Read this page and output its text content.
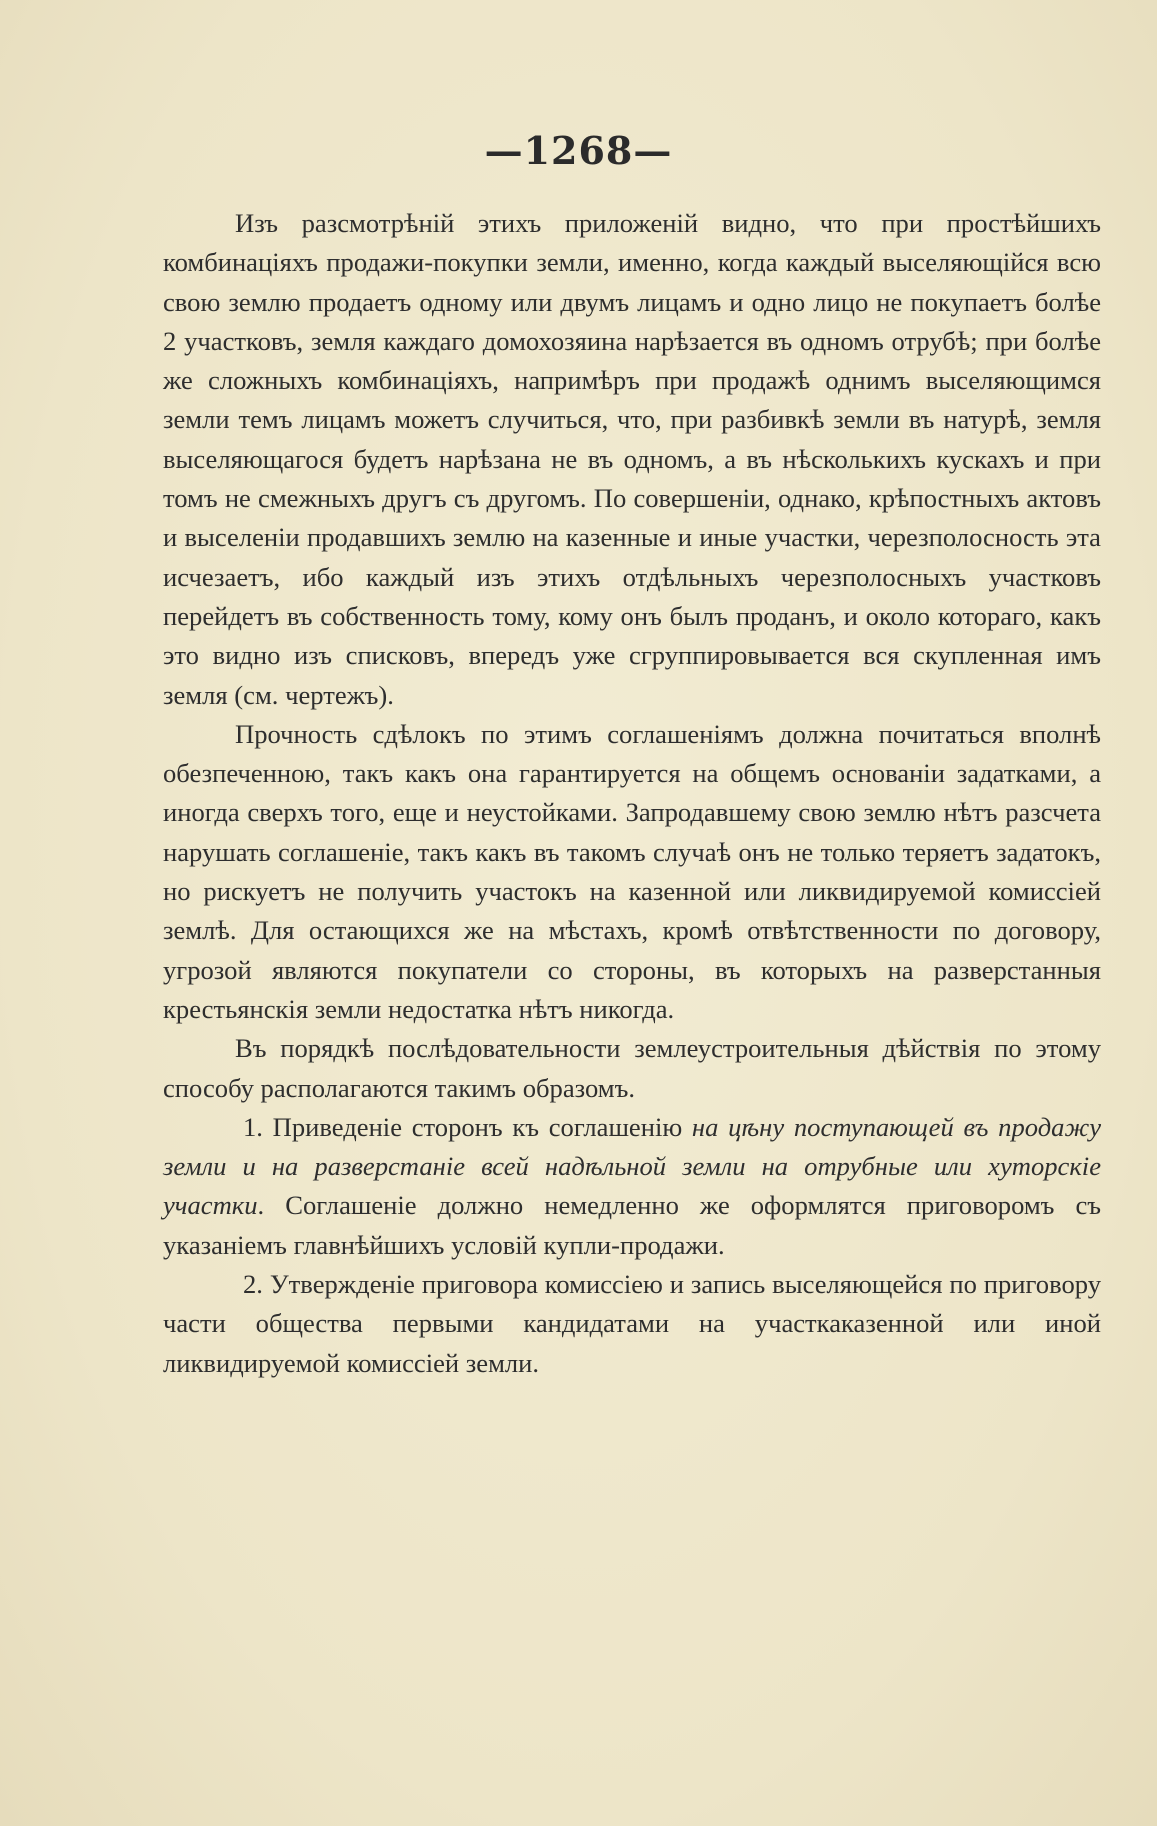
—1268—

Изъ разсмотрѣній этихъ приложеній видно, что при простѣйшихъ комбинаціяхъ продажи-покупки земли, именно, когда каждый выселяющійся всю свою землю продаетъ одному или двумъ лицамъ и одно лицо не покупаетъ болѣе 2 участковъ, земля каждаго домохозяина нарѣзается въ одномъ отрубѣ; при болѣе же сложныхъ комбинаціяхъ, напримѣръ при продажѣ однимъ выселяющимся земли темъ лицамъ можетъ случиться, что, при разбивкѣ земли въ натурѣ, земля выселяющагося будетъ нарѣзана не въ одномъ, а въ нѣсколькихъ кускахъ и при томъ не смежныхъ другъ съ другомъ. По совершеніи, однако, крѣпостныхъ актовъ и выселеніи продавшихъ землю на казенные и иные участки, черезполосность эта исчезаетъ, ибо каждый изъ этихъ отдѣльныхъ черезполосныхъ участковъ перейдетъ въ собственность тому, кому онъ былъ проданъ, и около котораго, какъ это видно изъ списковъ, впередъ уже сгруппировывается вся скупленная имъ земля (см. чертежъ).

Прочность сдѣлокъ по этимъ соглашеніямъ должна почитаться вполнѣ обезпеченною, такъ какъ она гарантируется на общемъ основаніи задатками, а иногда сверхъ того, еще и неустойками. Запродавшему свою землю нѣтъ разсчета нарушать соглашеніе, такъ какъ въ такомъ случаѣ онъ не только теряетъ задатокъ, но рискуетъ не получить участокъ на казенной или ликвидируемой комиссіей землѣ. Для остающихся же на мѣстахъ, кромѣ отвѣтственности по договору, угрозой являются покупатели со стороны, въ которыхъ на разверстанныя крестьянскія земли недостатка нѣтъ никогда.

Въ порядкѣ послѣдовательности землеустроительныя дѣйствія по этому способу располагаются такимъ образомъ.

1. Приведеніе сторонъ къ соглашенію на цѣну поступающей въ продажу земли и на разверстаніе всей надѣльной земли на отрубные или хуторскіе участки. Соглашеніе должно немедленно же оформлятся приговоромъ съ указаніемъ главнѣйшихъ условій купли-продажи.

2. Утвержденіе приговора комиссіею и запись выселяющейся по приговору части общества первыми кандидатами на участкаказенной или иной ликвидируемой комиссіей земли.
